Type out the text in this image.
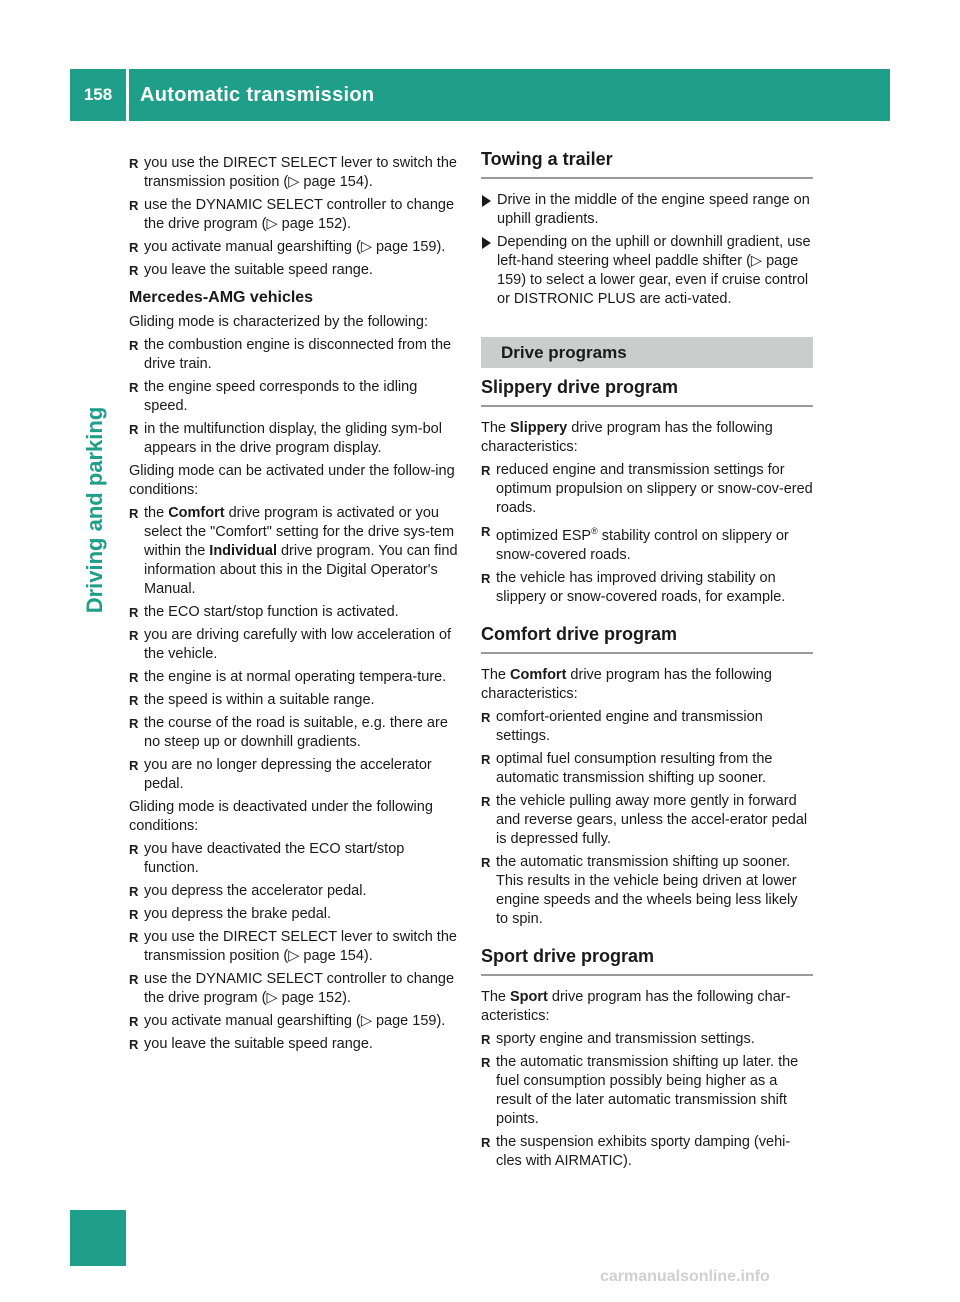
158	Automatic transmission
Driving and parking
R you use the DIRECT SELECT lever to switch the transmission position (▷ page 154).
R use the DYNAMIC SELECT controller to change the drive program (▷ page 152).
R you activate manual gearshifting (▷ page 159).
R you leave the suitable speed range.
Mercedes-AMG vehicles

Gliding mode is characterized by the following:

R the combustion engine is disconnected from the drive train.
R the engine speed corresponds to the idling speed.
R in the multifunction display, the gliding sym-bol appears in the drive program display.

Gliding mode can be activated under the follow-ing conditions:

R the Comfort drive program is activated or you select the "Comfort" setting for the drive sys-tem within the Individual drive program. You can find information about this in the Digital Operator's Manual.
R the ECO start/stop function is activated.
R you are driving carefully with low acceleration of the vehicle.
R the engine is at normal operating tempera-ture.
R the speed is within a suitable range.
R the course of the road is suitable, e.g. there are no steep up or downhill gradients.
R you are no longer depressing the accelerator pedal.

Gliding mode is deactivated under the following conditions:

R you have deactivated the ECO start/stop function.
R you depress the accelerator pedal.
R you depress the brake pedal.
R you use the DIRECT SELECT lever to switch the transmission position (▷ page 154).
R use the DYNAMIC SELECT controller to change the drive program (▷ page 152).
R you activate manual gearshifting (▷ page 159).
R you leave the suitable speed range.
Towing a trailer
Drive in the middle of the engine speed range on uphill gradients.
Depending on the uphill or downhill gradient, use left-hand steering wheel paddle shifter (▷ page 159) to select a lower gear, even if cruise control or DISTRONIC PLUS are acti-vated.
Drive programs
Slippery drive program

The Slippery drive program has the following characteristics:

R reduced engine and transmission settings for optimum propulsion on slippery or snow-cov-ered roads.
R optimized ESP® stability control on slippery or snow-covered roads.
R the vehicle has improved driving stability on slippery or snow-covered roads, for example.
Comfort drive program

The Comfort drive program has the following characteristics:

R comfort-oriented engine and transmission settings.
R optimal fuel consumption resulting from the automatic transmission shifting up sooner.
R the vehicle pulling away more gently in forward and reverse gears, unless the accel-erator pedal is depressed fully.
R the automatic transmission shifting up sooner. This results in the vehicle being driven at lower engine speeds and the wheels being less likely to spin.
Sport drive program

The Sport drive program has the following char-acteristics:

R sporty engine and transmission settings.
R the automatic transmission shifting up later. the fuel consumption possibly being higher as a result of the later automatic transmission shift points.
R the suspension exhibits sporty damping (vehi-cles with AIRMATIC).
carmanualsonline.info
